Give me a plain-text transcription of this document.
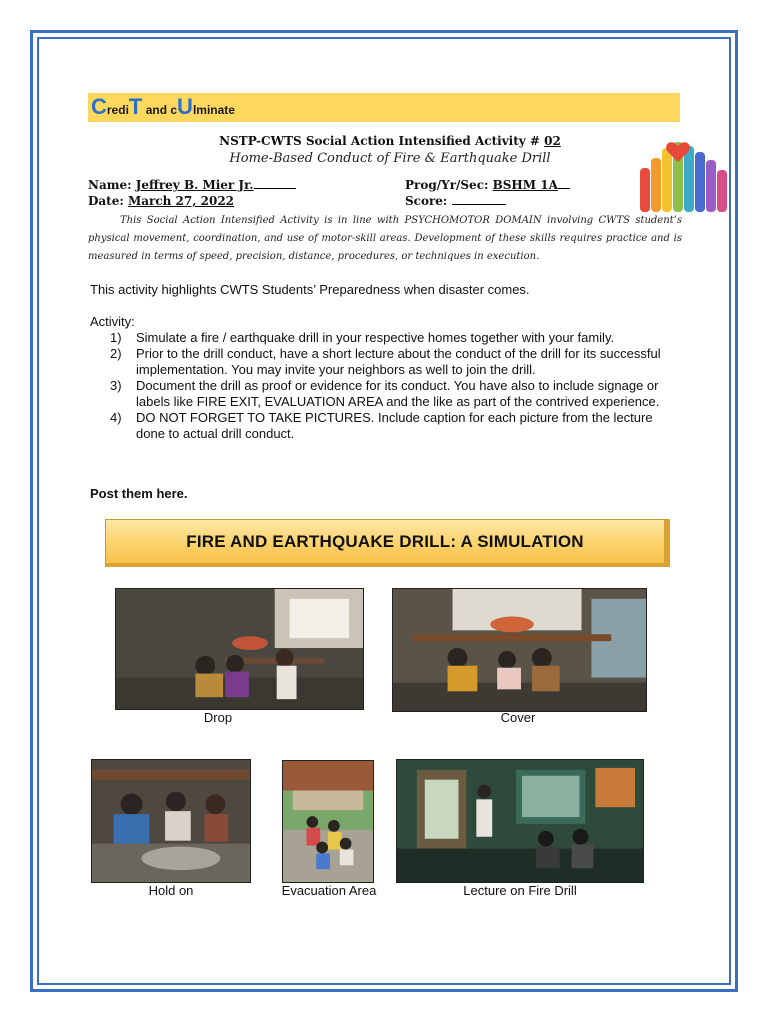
CrediT and cUlminate
NSTP-CWTS Social Action Intensified Activity # 02
Home-Based Conduct of Fire & Earthquake Drill
Name: Jeffrey B. Mier Jr.	Prog/Yr/Sec: BSHM 1A
Date: March 27, 2022	Score:
This Social Action Intensified Activity is in line with PSYCHOMOTOR DOMAIN involving CWTS student’s physical movement, coordination, and use of motor-skill areas. Development of these skills requires practice and is measured in terms of speed, precision, distance, procedures, or techniques in execution.
This activity highlights CWTS Students’ Preparedness when disaster comes.
Activity:
1) Simulate a fire / earthquake drill in your respective homes together with your family.
2) Prior to the drill conduct, have a short lecture about the conduct of the drill for its successful implementation. You may invite your neighbors as well to join the drill.
3) Document the drill as proof or evidence for its conduct. You have also to include signage or labels like FIRE EXIT, EVALUATION AREA and the like as part of the contrived experience.
4) DO NOT FORGET TO TAKE PICTURES. Include caption for each picture from the lecture done to actual drill conduct.
Post them here.
FIRE AND EARTHQUAKE DRILL: A SIMULATION
Drop	Cover
Hold on	Evacuation Area	Lecture on Fire Drill
